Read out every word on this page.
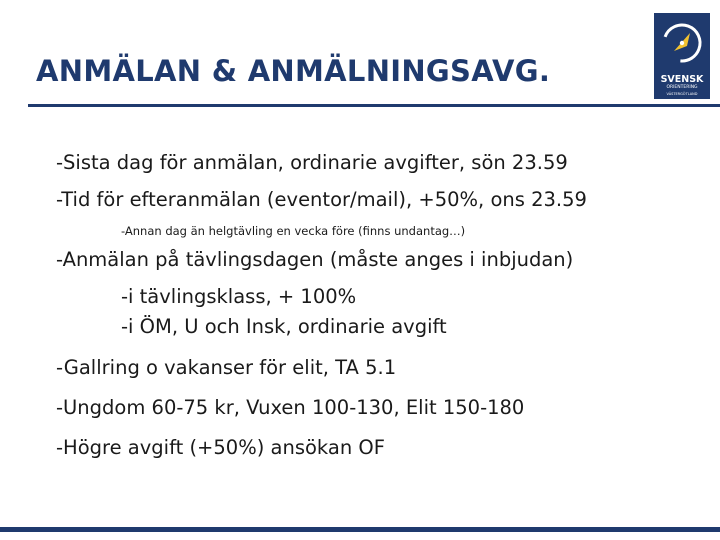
SVENSK
ORIENTERING
VÄSTERGÖTLAND
ANMÄLAN & ANMÄLNINGSAVG.
-Sista dag för anmälan, ordinarie avgifter, sön 23.59
-Tid för efteranmälan (eventor/mail), +50%, ons 23.59
-Annan dag än helgtävling en vecka före (finns undantag…)
-Anmälan på tävlingsdagen (måste anges i inbjudan)
-i tävlingsklass, + 100%
-i ÖM, U och Insk, ordinarie avgift
-Gallring o vakanser för elit, TA 5.1
-Ungdom 60-75 kr, Vuxen 100-130, Elit 150-180
-Högre avgift (+50%) ansökan OF
